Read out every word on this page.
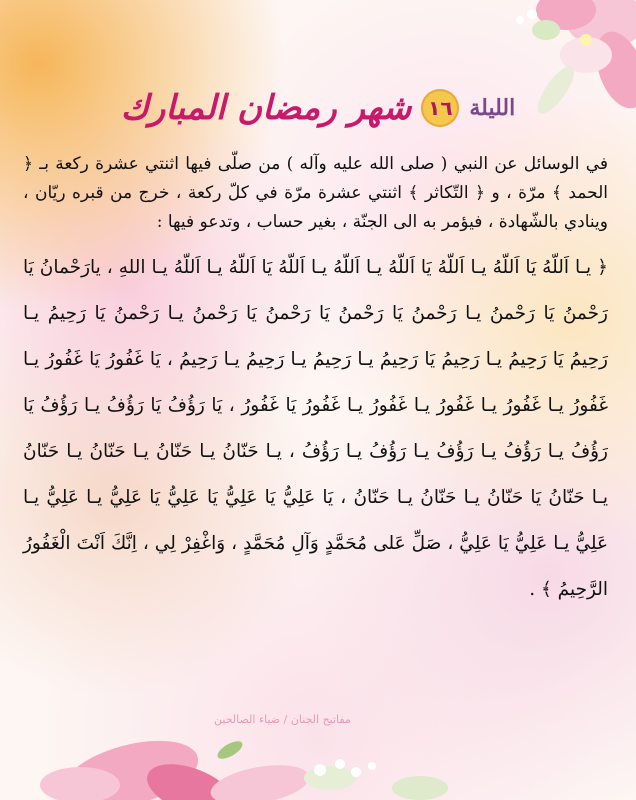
الليلة
١٦
شهر رمضان المبارك

في الوسائل عن النبي ( صلى الله عليه وآله ) من صلّى فيها اثنتي عشرة ركعة بـ ﴿ الحمد ﴾ مرّة ، و ﴿ التّكاثر ﴾ اثنتي عشرة مرّة في كلّ ركعة ، خرج من قبره ريّان ، وينادي بالشّهادة ، فيؤمر به الى الجنّة ، بغير حساب ، وتدعو فيها :

﴿ يـا اَللّهُ يَا اَللّهُ يـا اَللّهُ يَا اَللّهُ يـا اَللّهُ يـا اَللّهُ يَا اَللّهُ يـا اَللّهُ يـا اللهِ ، يارَحْمانُ يَا رَحْمنُ يَا رَحْمنُ يـا رَحْمنُ يَا رَحْمنُ يَا رَحْمنُ يَا رَحْمنُ يـا رَحْمنُ يَا رَحِيمُ يـا رَحِيمُ يَا رَحِيمُ يـا رَحِيمُ يَا رَحِيمُ يـا رَحِيمُ يـا رَحِيمُ يـا رَحِيمُ ، يَا غَفُورُ يَا غَفُورُ يـا غَفُورُ يـا غَفُورُ يـا غَفُورُ يـا غَفُورُ يـا غَفُورُ يَا غَفُورُ ، يَا رَؤُفُ يَا رَؤُفُ يـا رَؤُفُ يَا رَؤُفُ يـا رَؤُفُ يـا رَؤُفُ يـا رَؤُفُ يـا رَؤُفُ ، يـا حَنّانُ يـا حَنّانُ يـا حَنّانُ يـا حَنّانُ يـا حَنّانُ يَا حَنّانُ يـا حَنّانُ يـا حَنّانُ ، يَا عَلِيُّ يَا عَلِيُّ يَا عَلِيُّ يَا عَلِيُّ يـا عَلِيُّ يـا عَلِيُّ يـا عَلِيُّ يَا عَلِيُّ ، صَلِّ عَلى مُحَمَّدٍ وَآلِ مُحَمَّدٍ ، وَاغْفِرْ لِي ، اِنَّكَ اَنْتَ الْغَفُورُ الرَّحِيمُ ﴾ .

مفاتيح الجنان / ضياء الصالحين
